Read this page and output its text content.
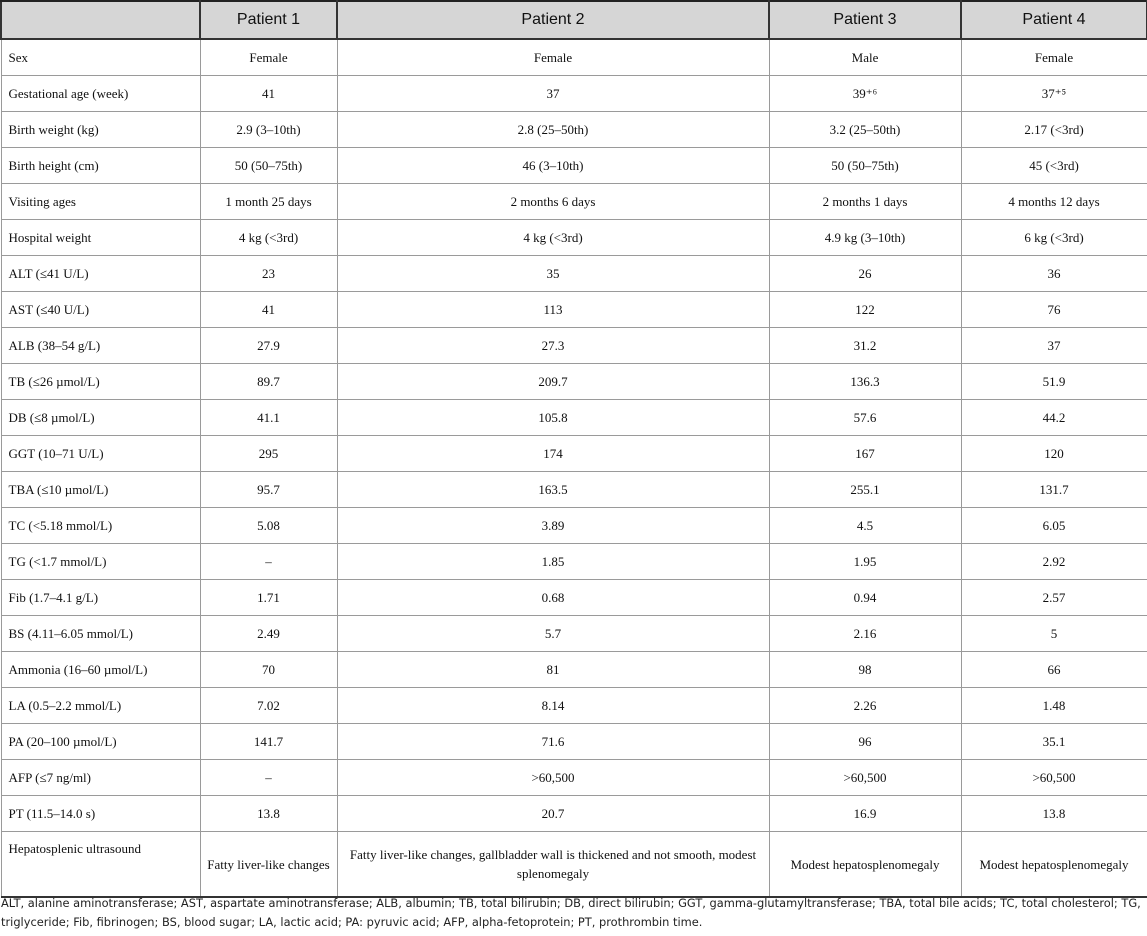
	Patient 1	Patient 2	Patient 3	Patient 4
Sex	Female	Female	Male	Female
Gestational age (week)	41	37	39⁺⁶	37⁺⁵
Birth weight (kg)	2.9 (3–10th)	2.8 (25–50th)	3.2 (25–50th)	2.17 (<3rd)
Birth height (cm)	50 (50–75th)	46 (3–10th)	50 (50–75th)	45 (<3rd)
Visiting ages	1 month 25 days	2 months 6 days	2 months 1 days	4 months 12 days
Hospital weight	4 kg (<3rd)	4 kg (<3rd)	4.9 kg (3–10th)	6 kg (<3rd)
ALT (≤41 U/L)	23	35	26	36
AST (≤40 U/L)	41	113	122	76
ALB (38–54 g/L)	27.9	27.3	31.2	37
TB (≤26 µmol/L)	89.7	209.7	136.3	51.9
DB (≤8 µmol/L)	41.1	105.8	57.6	44.2
GGT (10–71 U/L)	295	174	167	120
TBA (≤10 µmol/L)	95.7	163.5	255.1	131.7
TC (<5.18 mmol/L)	5.08	3.89	4.5	6.05
TG (<1.7 mmol/L)	–	1.85	1.95	2.92
Fib (1.7–4.1 g/L)	1.71	0.68	0.94	2.57
BS (4.11–6.05 mmol/L)	2.49	5.7	2.16	5
Ammonia (16–60 µmol/L)	70	81	98	66
LA (0.5–2.2 mmol/L)	7.02	8.14	2.26	1.48
PA (20–100 µmol/L)	141.7	71.6	96	35.1
AFP (≤7 ng/ml)	–	>60,500	>60,500	>60,500
PT (11.5–14.0 s)	13.8	20.7	16.9	13.8
Hepatosplenic ultrasound	Fatty liver-like changes	Fatty liver-like changes, gallbladder wall is thickened and not smooth, modest splenomegaly	Modest hepatosplenomegaly	Modest hepatosplenomegaly

ALT, alanine aminotransferase; AST, aspartate aminotransferase; ALB, albumin; TB, total bilirubin; DB, direct bilirubin; GGT, gamma-glutamyltransferase; TBA, total bile acids; TC, total cholesterol; TG, triglyceride; Fib, fibrinogen; BS, blood sugar; LA, lactic acid; PA: pyruvic acid; AFP, alpha-fetoprotein; PT, prothrombin time.
